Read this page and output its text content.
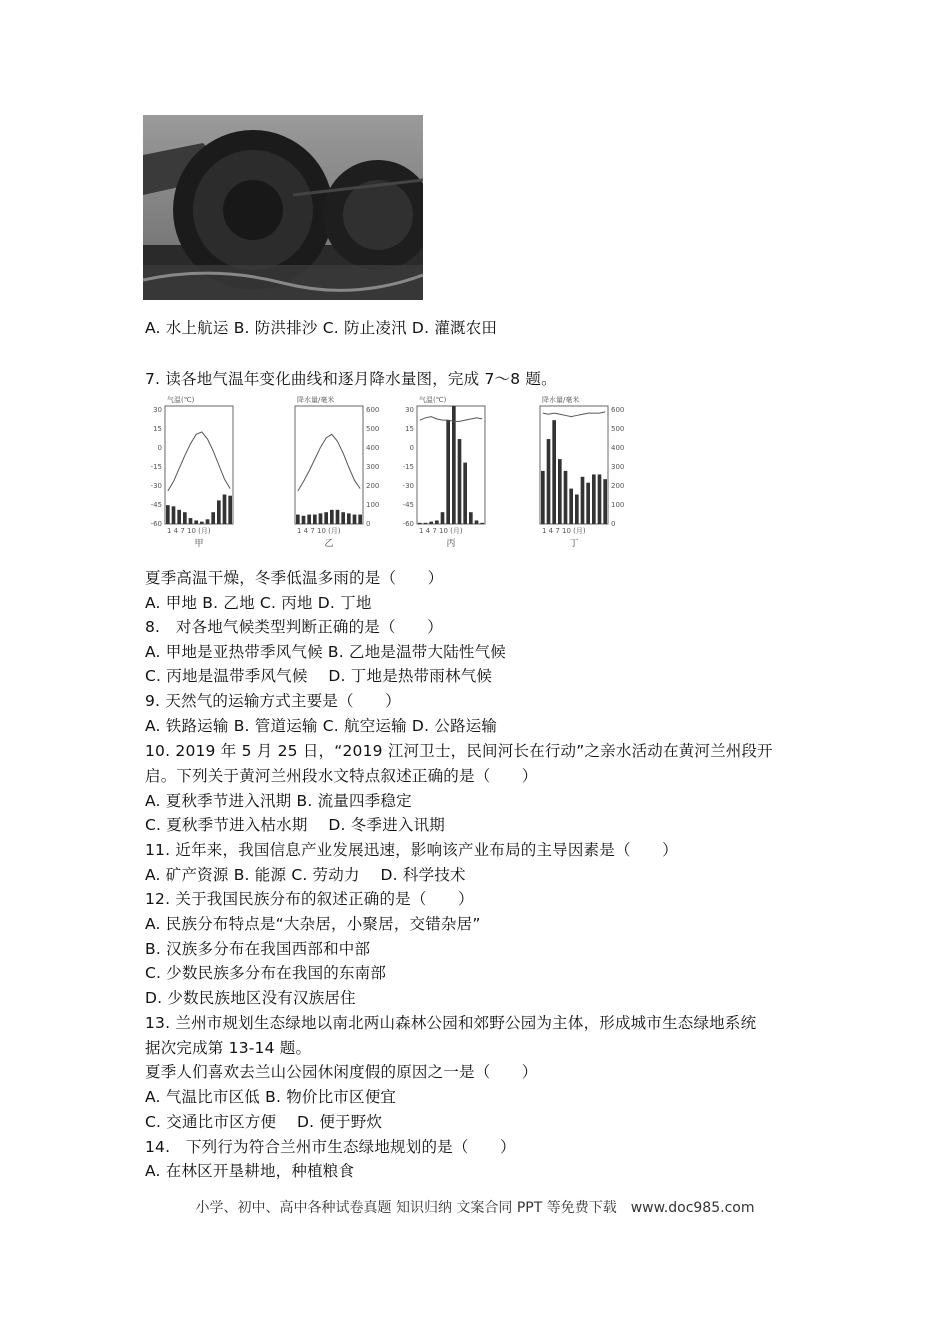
A. 水上航运 B. 防洪排沙 C. 防止凌汛 D. 灌溉农田
7. 读各地气温年变化曲线和逐月降水量图，完成 7～8 题。
30
15
0
-15
-30
-45
-60
气温(℃)
1 4 7 10 (月)
甲
600
500
400
300
200
100
0
降水量/毫米
1 4 7 10 (月)
乙
30
15
0
-15
-30
-45
-60
气温(℃)
1 4 7 10 (月)
丙
600
500
400
300
200
100
0
降水量/毫米
1 4 7 10 (月)
丁
夏季高温干燥，冬季低温多雨的是（　　）
A. 甲地 B. 乙地 C. 丙地 D. 丁地
8.　对各地气候类型判断正确的是（　　）
A. 甲地是亚热带季风气候 B. 乙地是温带大陆性气候
C. 丙地是温带季风气候　 D. 丁地是热带雨林气候
9. 天然气的运输方式主要是（　　）
A. 铁路运输 B. 管道运输 C. 航空运输 D. 公路运输
10. 2019 年 5 月 25 日，“2019 江河卫士，民间河长在行动”之亲水活动在黄河兰州段开
启。下列关于黄河兰州段水文特点叙述正确的是（　　）
A. 夏秋季节进入汛期 B. 流量四季稳定
C. 夏秋季节进入枯水期　 D. 冬季进入讯期
11. 近年来，我国信息产业发展迅速，影响该产业布局的主导因素是（　　）
A. 矿产资源 B. 能源 C. 劳动力　 D. 科学技术
12. 关于我国民族分布的叙述正确的是（　　）
A. 民族分布特点是“大杂居，小聚居，交错杂居”
B. 汉族多分布在我国西部和中部
C. 少数民族多分布在我国的东南部
D. 少数民族地区没有汉族居住
13. 兰州市规划生态绿地以南北两山森林公园和郊野公园为主体，形成城市生态绿地系统
据次完成第 13-14 题。
夏季人们喜欢去兰山公园休闲度假的原因之一是（　　）
A. 气温比市区低 B. 物价比市区便宜
C. 交通比市区方便　 D. 便于野炊
14.　下列行为符合兰州市生态绿地规划的是（　　）
A. 在林区开垦耕地，种植粮食
小学、初中、高中各种试卷真题 知识归纳 文案合同 PPT 等免费下载　www.doc985.com
